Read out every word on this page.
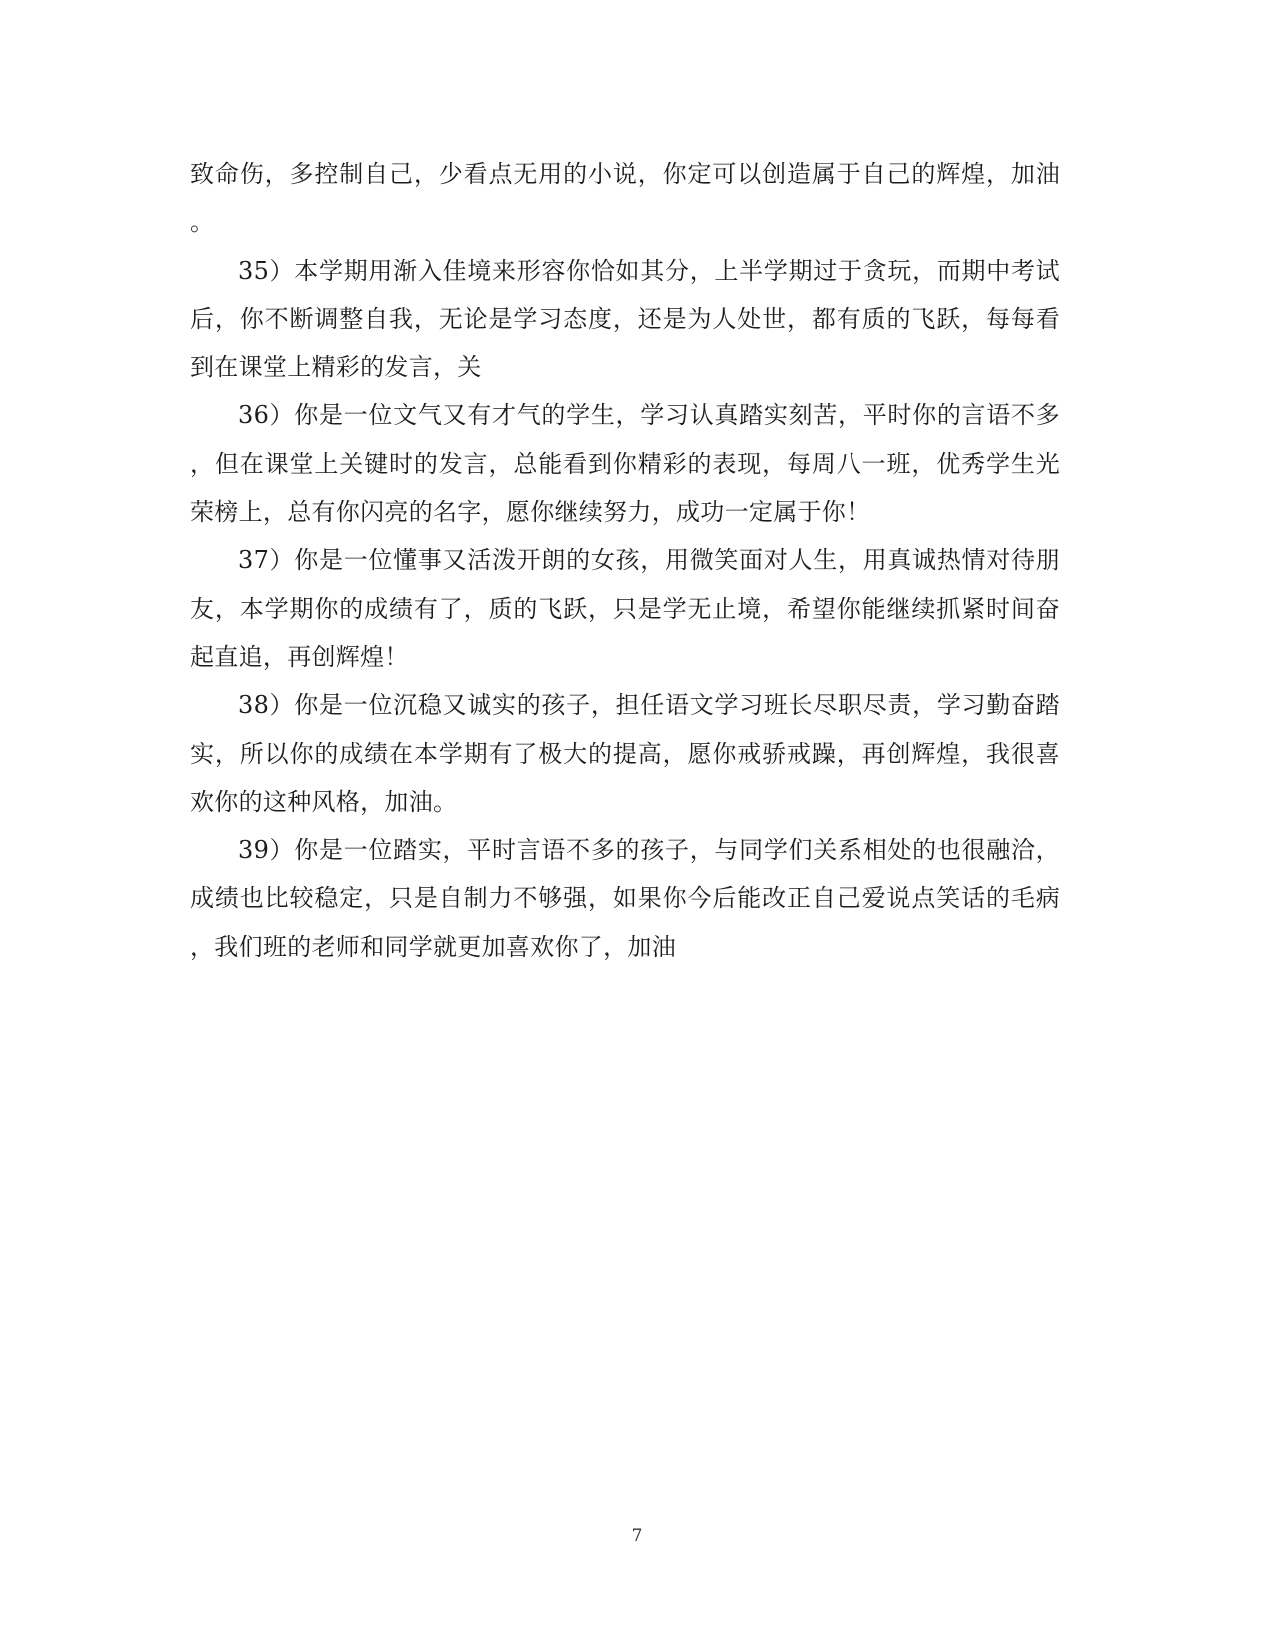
致命伤，多控制自己，少看点无用的小说，你定可以创造属于自己的辉煌，加油
。
35）本学期用渐入佳境来形容你恰如其分，上半学期过于贪玩，而期中考试
后，你不断调整自我，无论是学习态度，还是为人处世，都有质的飞跃，每每看
到在课堂上精彩的发言，关
36）你是一位文气又有才气的学生，学习认真踏实刻苦，平时你的言语不多
，但在课堂上关键时的发言，总能看到你精彩的表现，每周八一班，优秀学生光
荣榜上，总有你闪亮的名字，愿你继续努力，成功一定属于你！
37）你是一位懂事又活泼开朗的女孩，用微笑面对人生，用真诚热情对待朋
友，本学期你的成绩有了，质的飞跃，只是学无止境，希望你能继续抓紧时间奋
起直追，再创辉煌！
38）你是一位沉稳又诚实的孩子，担任语文学习班长尽职尽责，学习勤奋踏
实，所以你的成绩在本学期有了极大的提高，愿你戒骄戒躁，再创辉煌，我很喜
欢你的这种风格，加油。
39）你是一位踏实，平时言语不多的孩子，与同学们关系相处的也很融洽，
成绩也比较稳定，只是自制力不够强，如果你今后能改正自己爱说点笑话的毛病
，我们班的老师和同学就更加喜欢你了，加油
7
